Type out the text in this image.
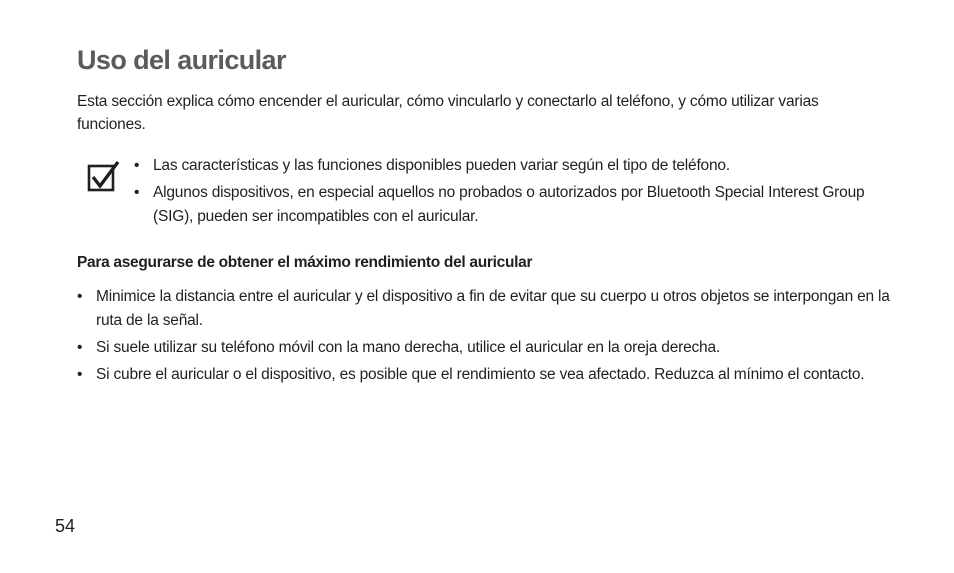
Uso del auricular

Esta sección explica cómo encender el auricular, cómo vincularlo y conectarlo al teléfono, y cómo utilizar varias funciones.

• Las características y las funciones disponibles pueden variar según el tipo de teléfono.
• Algunos dispositivos, en especial aquellos no probados o autorizados por Bluetooth Special Interest Group (SIG), pueden ser incompatibles con el auricular.
Para asegurarse de obtener el máximo rendimiento del auricular
• Minimice la distancia entre el auricular y el dispositivo a fin de evitar que su cuerpo u otros objetos se interpongan en la ruta de la señal.
• Si suele utilizar su teléfono móvil con la mano derecha, utilice el auricular en la oreja derecha.
• Si cubre el auricular o el dispositivo, es posible que el rendimiento se vea afectado. Reduzca al mínimo el contacto.
54
